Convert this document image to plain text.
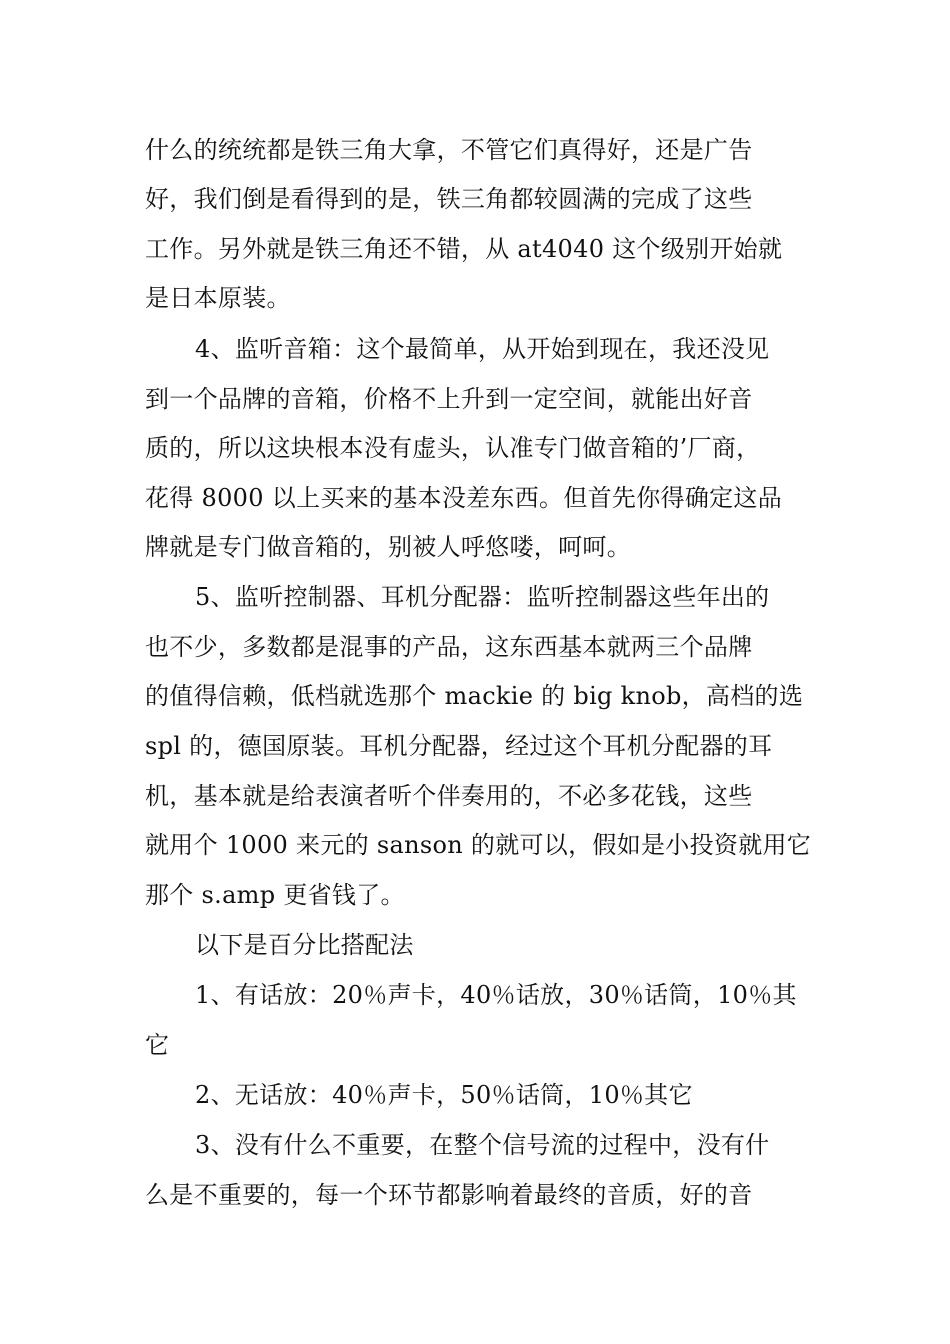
什么的统统都是铁三角大拿，不管它们真得好，还是广告
好，我们倒是看得到的是，铁三角都较圆满的完成了这些
工作。另外就是铁三角还不错，从 at4040 这个级别开始就
是日本原装。
4、监听音箱：这个最简单，从开始到现在，我还没见
到一个品牌的音箱，价格不上升到一定空间，就能出好音
质的，所以这块根本没有虚头，认准专门做音箱的’厂商，
花得 8000 以上买来的基本没差东西。但首先你得确定这品
牌就是专门做音箱的，别被人呼悠喽，呵呵。
5、监听控制器、耳机分配器：监听控制器这些年出的
也不少，多数都是混事的产品，这东西基本就两三个品牌
的值得信赖，低档就选那个 mackie 的 big knob，高档的选
spl 的，德国原装。耳机分配器，经过这个耳机分配器的耳
机，基本就是给表演者听个伴奏用的，不必多花钱，这些
就用个 1000 来元的 sanson 的就可以，假如是小投资就用它
那个 s.amp 更省钱了。
以下是百分比搭配法
1、有话放：20％声卡，40％话放，30％话筒，10％其
它
2、无话放：40％声卡，50％话筒，10％其它
3、没有什么不重要，在整个信号流的过程中，没有什
么是不重要的，每一个环节都影响着最终的音质，好的音
